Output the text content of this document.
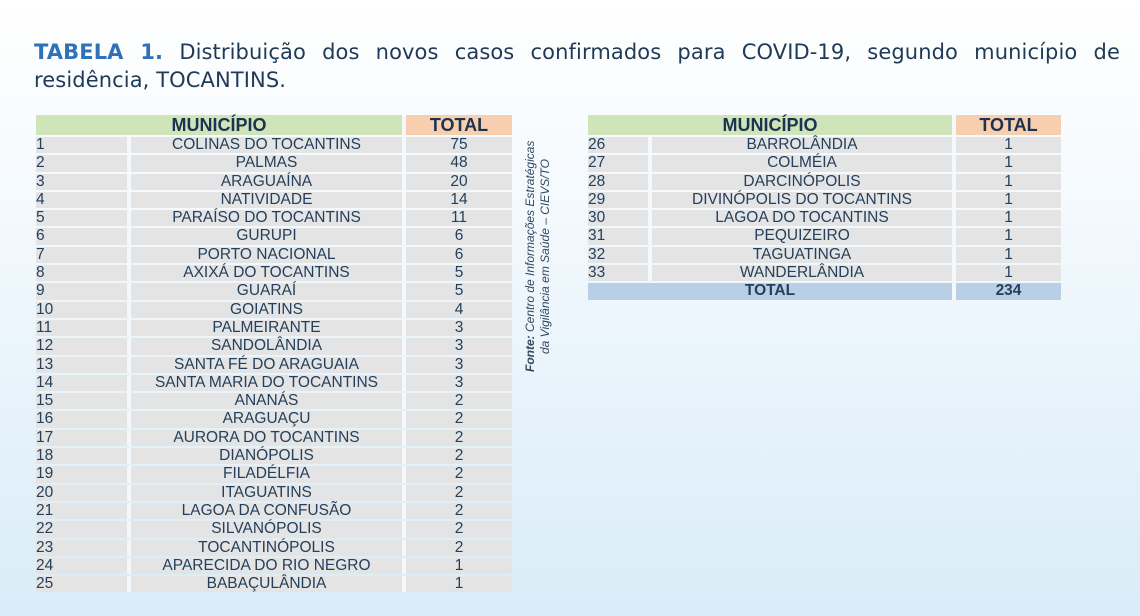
TABELA 1. Distribuição dos novos casos confirmados para COVID-19, segundo município de residência, TOCANTINS.
MUNICÍPIO		TOTAL
1	COLINAS DO TOCANTINS	75
2	PALMAS	48
3	ARAGUAÍNA	20
4	NATIVIDADE	14
5	PARAÍSO DO TOCANTINS	11
6	GURUPI	6
7	PORTO NACIONAL	6
8	AXIXÁ DO TOCANTINS	5
9	GUARAÍ	5
10	GOIATINS	4
11	PALMEIRANTE	3
12	SANDOLÂNDIA	3
13	SANTA FÉ DO ARAGUAIA	3
14	SANTA MARIA DO TOCANTINS	3
15	ANANÁS	2
16	ARAGUAÇU	2
17	AURORA DO TOCANTINS	2
18	DIANÓPOLIS	2
19	FILADÉLFIA	2
20	ITAGUATINS	2
21	LAGOA DA CONFUSÃO	2
22	SILVANÓPOLIS	2
23	TOCANTINÓPOLIS	2
24	APARECIDA DO RIO NEGRO	1
25	BABAÇULÂNDIA	1
MUNICÍPIO		TOTAL
26	BARROLÂNDIA	1
27	COLMÉIA	1
28	DARCINÓPOLIS	1
29	DIVINÓPOLIS DO TOCANTINS	1
30	LAGOA DO TOCANTINS	1
31	PEQUIZEIRO	1
32	TAGUATINGA	1
33	WANDERLÂNDIA	1
TOTAL		234
Fonte: Centro de Informações Estratégicas da Vigilância em Saúde – CIEVS/TO
